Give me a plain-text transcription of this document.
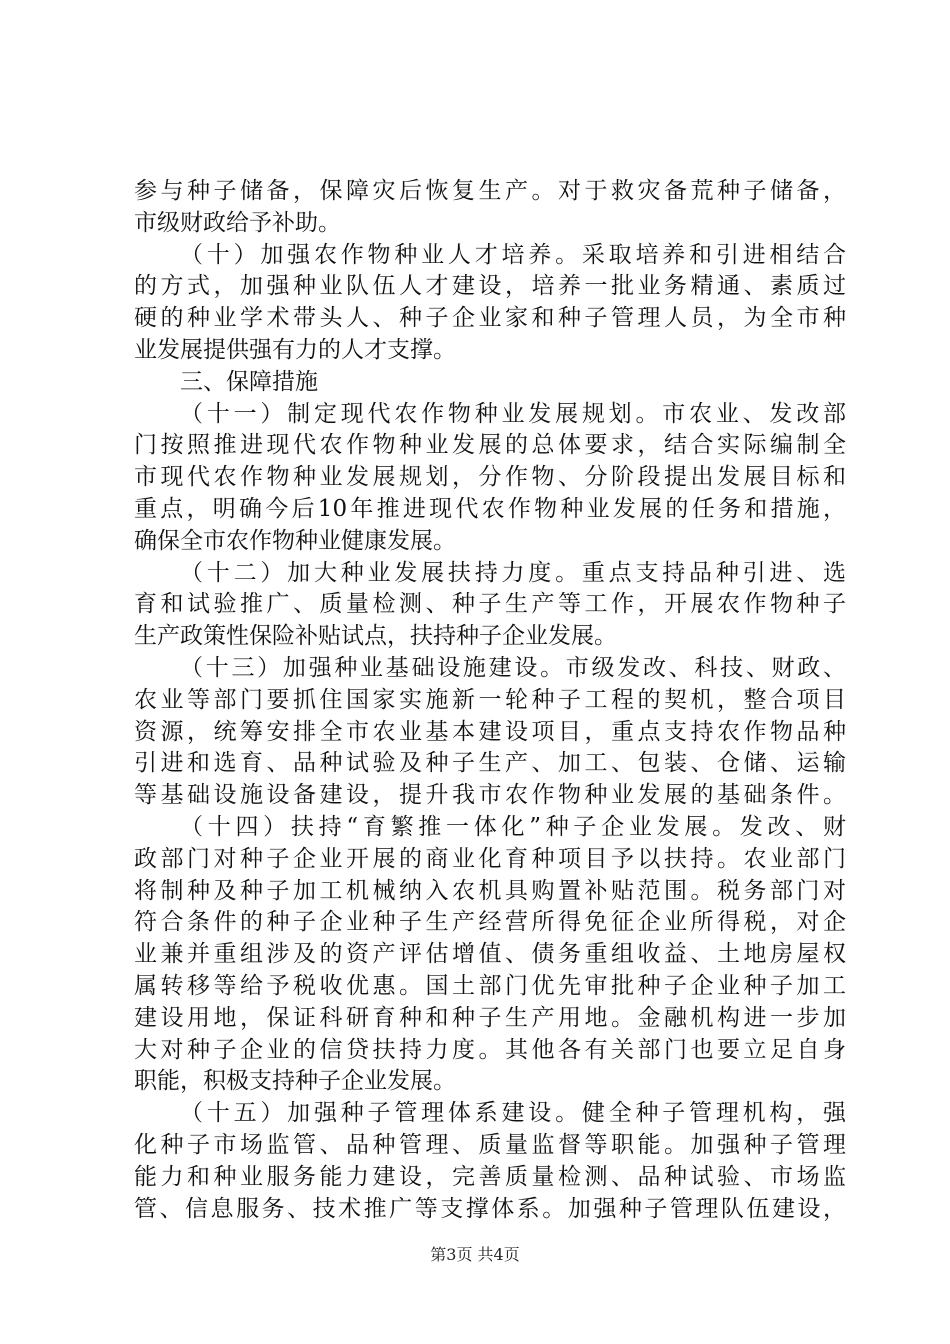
参与种子储备，保障灾后恢复生产。对于救灾备荒种子储备，
市级财政给予补助。
（十）加强农作物种业人才培养。采取培养和引进相结合
的方式，加强种业队伍人才建设，培养一批业务精通、素质过
硬的种业学术带头人、种子企业家和种子管理人员，为全市种
业发展提供强有力的人才支撑。
三、保障措施
（十一）制定现代农作物种业发展规划。市农业、发改部
门按照推进现代农作物种业发展的总体要求，结合实际编制全
市现代农作物种业发展规划，分作物、分阶段提出发展目标和
重点，明确今后10年推进现代农作物种业发展的任务和措施，
确保全市农作物种业健康发展。
（十二）加大种业发展扶持力度。重点支持品种引进、选
育和试验推广、质量检测、种子生产等工作，开展农作物种子
生产政策性保险补贴试点，扶持种子企业发展。
（十三）加强种业基础设施建设。市级发改、科技、财政、
农业等部门要抓住国家实施新一轮种子工程的契机，整合项目
资源，统筹安排全市农业基本建设项目，重点支持农作物品种
引进和选育、品种试验及种子生产、加工、包装、仓储、运输
等基础设施设备建设，提升我市农作物种业发展的基础条件。
（十四）扶持“育繁推一体化”种子企业发展。发改、财
政部门对种子企业开展的商业化育种项目予以扶持。农业部门
将制种及种子加工机械纳入农机具购置补贴范围。税务部门对
符合条件的种子企业种子生产经营所得免征企业所得税，对企
业兼并重组涉及的资产评估增值、债务重组收益、土地房屋权
属转移等给予税收优惠。国土部门优先审批种子企业种子加工
建设用地，保证科研育种和种子生产用地。金融机构进一步加
大对种子企业的信贷扶持力度。其他各有关部门也要立足自身
职能，积极支持种子企业发展。
（十五）加强种子管理体系建设。健全种子管理机构，强
化种子市场监管、品种管理、质量监督等职能。加强种子管理
能力和种业服务能力建设，完善质量检测、品种试验、市场监
管、信息服务、技术推广等支撑体系。加强种子管理队伍建设，
第3页 共4页
